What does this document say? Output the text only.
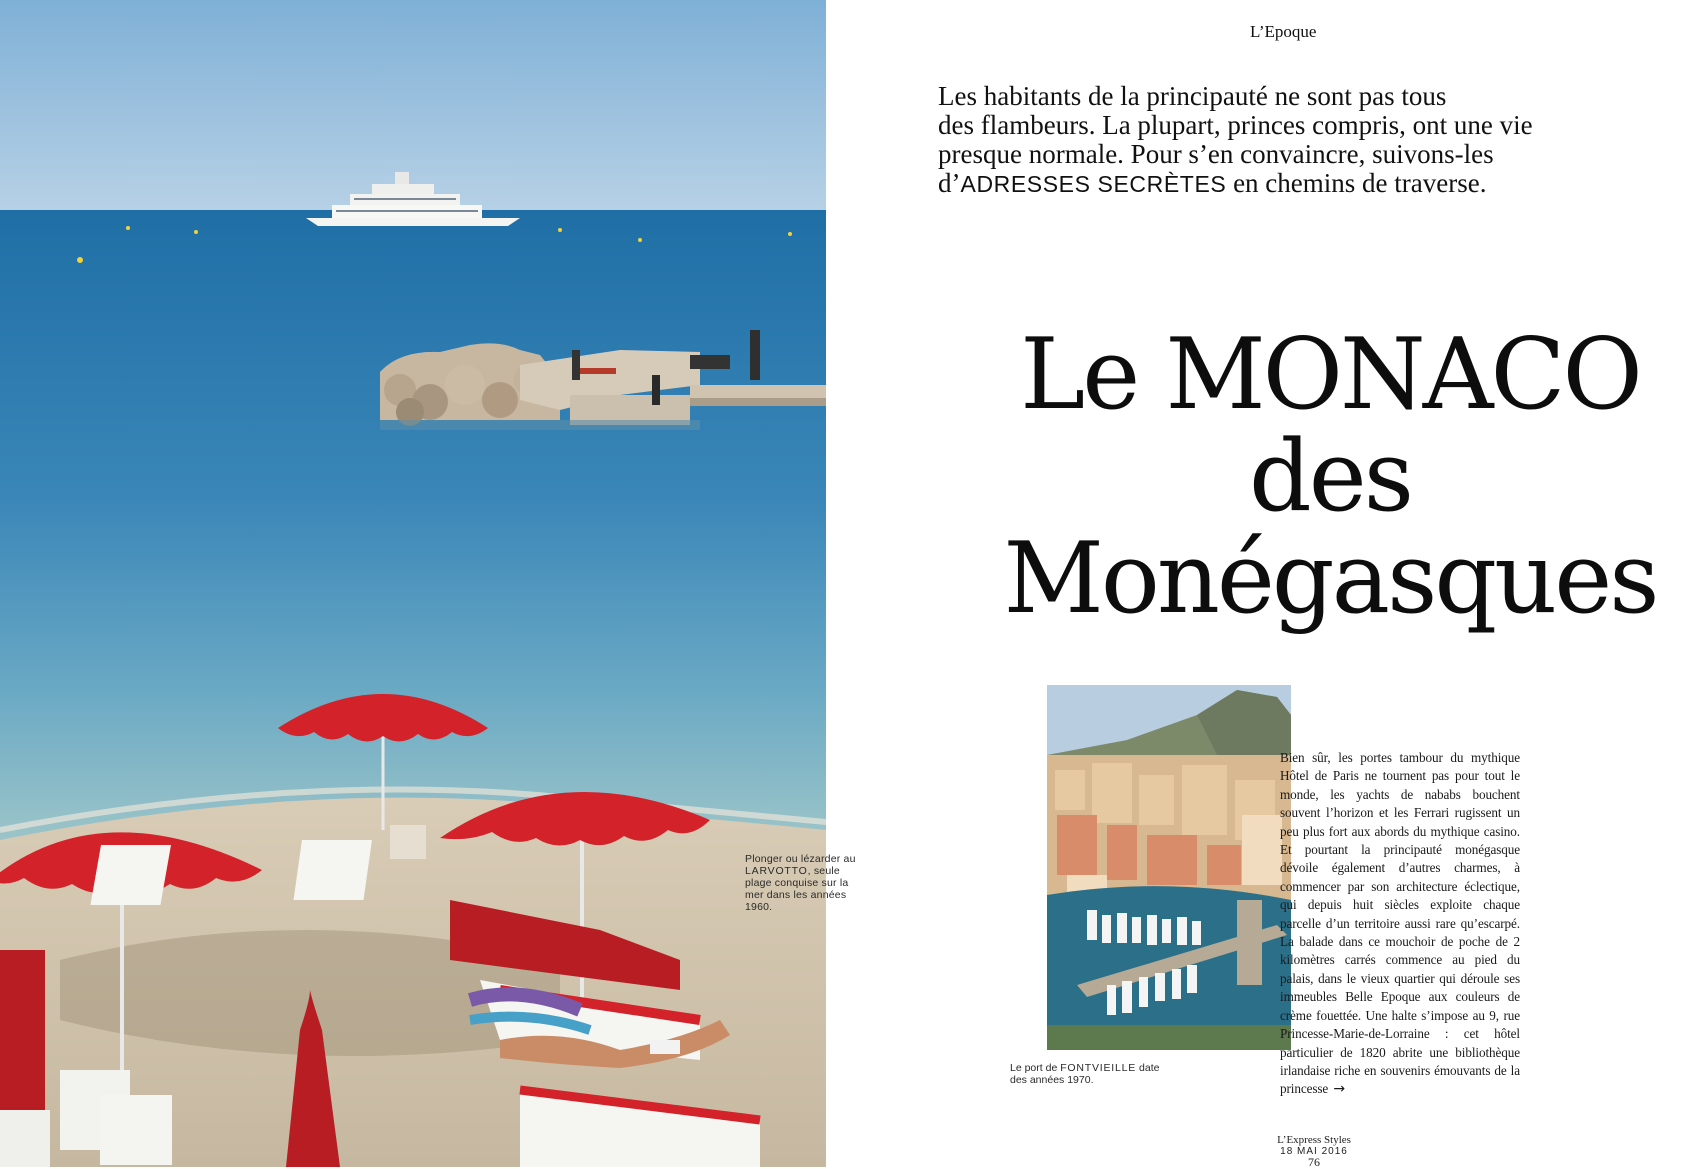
Plonger ou lézarder au LARVOTTO, seule plage conquise sur la mer dans les années 1960.
L’Epoque
Les habitants de la principauté ne sont pas tous
des flambeurs. La plupart, princes compris, ont une vie
presque normale. Pour s’en convaincre, suivons-les
d’ADRESSES SECRÈTES en chemins de traverse.
Le MONACO
des
Monégasques
Le port de FONTVIEILLE date des années 1970.
Bien sûr, les portes tambour du mythique Hôtel de Paris ne tournent pas pour tout le monde, les yachts de nababs bouchent souvent l’horizon et les Ferrari rugissent un peu plus fort aux abords du mythique casino. Et pourtant la principauté monégasque dévoile également d’autres charmes, à commencer par son architecture éclectique, qui depuis huit siècles exploite chaque parcelle d’un territoire aussi rare qu’escarpé. La balade dans ce mouchoir de poche de 2 kilomètres carrés commence au pied du palais, dans le vieux quartier qui déroule ses immeubles Belle Epoque aux couleurs de crème fouettée. Une halte s’impose au 9, rue Princesse-Marie-de-Lorraine : cet hôtel particulier de 1820 abrite une bibliothèque irlandaise riche en souvenirs émouvants de la princesse →
L’Express Styles
18 MAI 2016
76
